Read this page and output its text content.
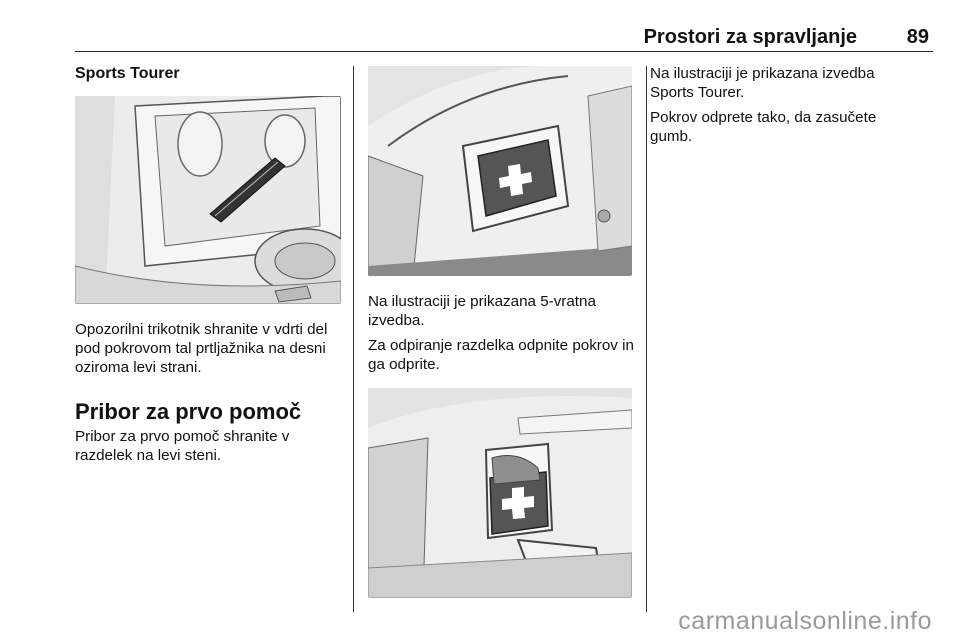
Prostori za spravljanje 89
Sports Tourer

Opozorilni trikotnik shranite v vdrti del pod pokrovom tal prtljažnika na desni oziroma levi strani.

Pribor za prvo pomoč

Pribor za prvo pomoč shranite v razdelek na levi steni.

Na ilustraciji je prikazana 5-vratna izvedba.

Za odpiranje razdelka odpnite pokrov in ga odprite.

Na ilustraciji je prikazana izvedba Sports Tourer.

Pokrov odprete tako, da zasučete gumb.

carmanualsonline.info
